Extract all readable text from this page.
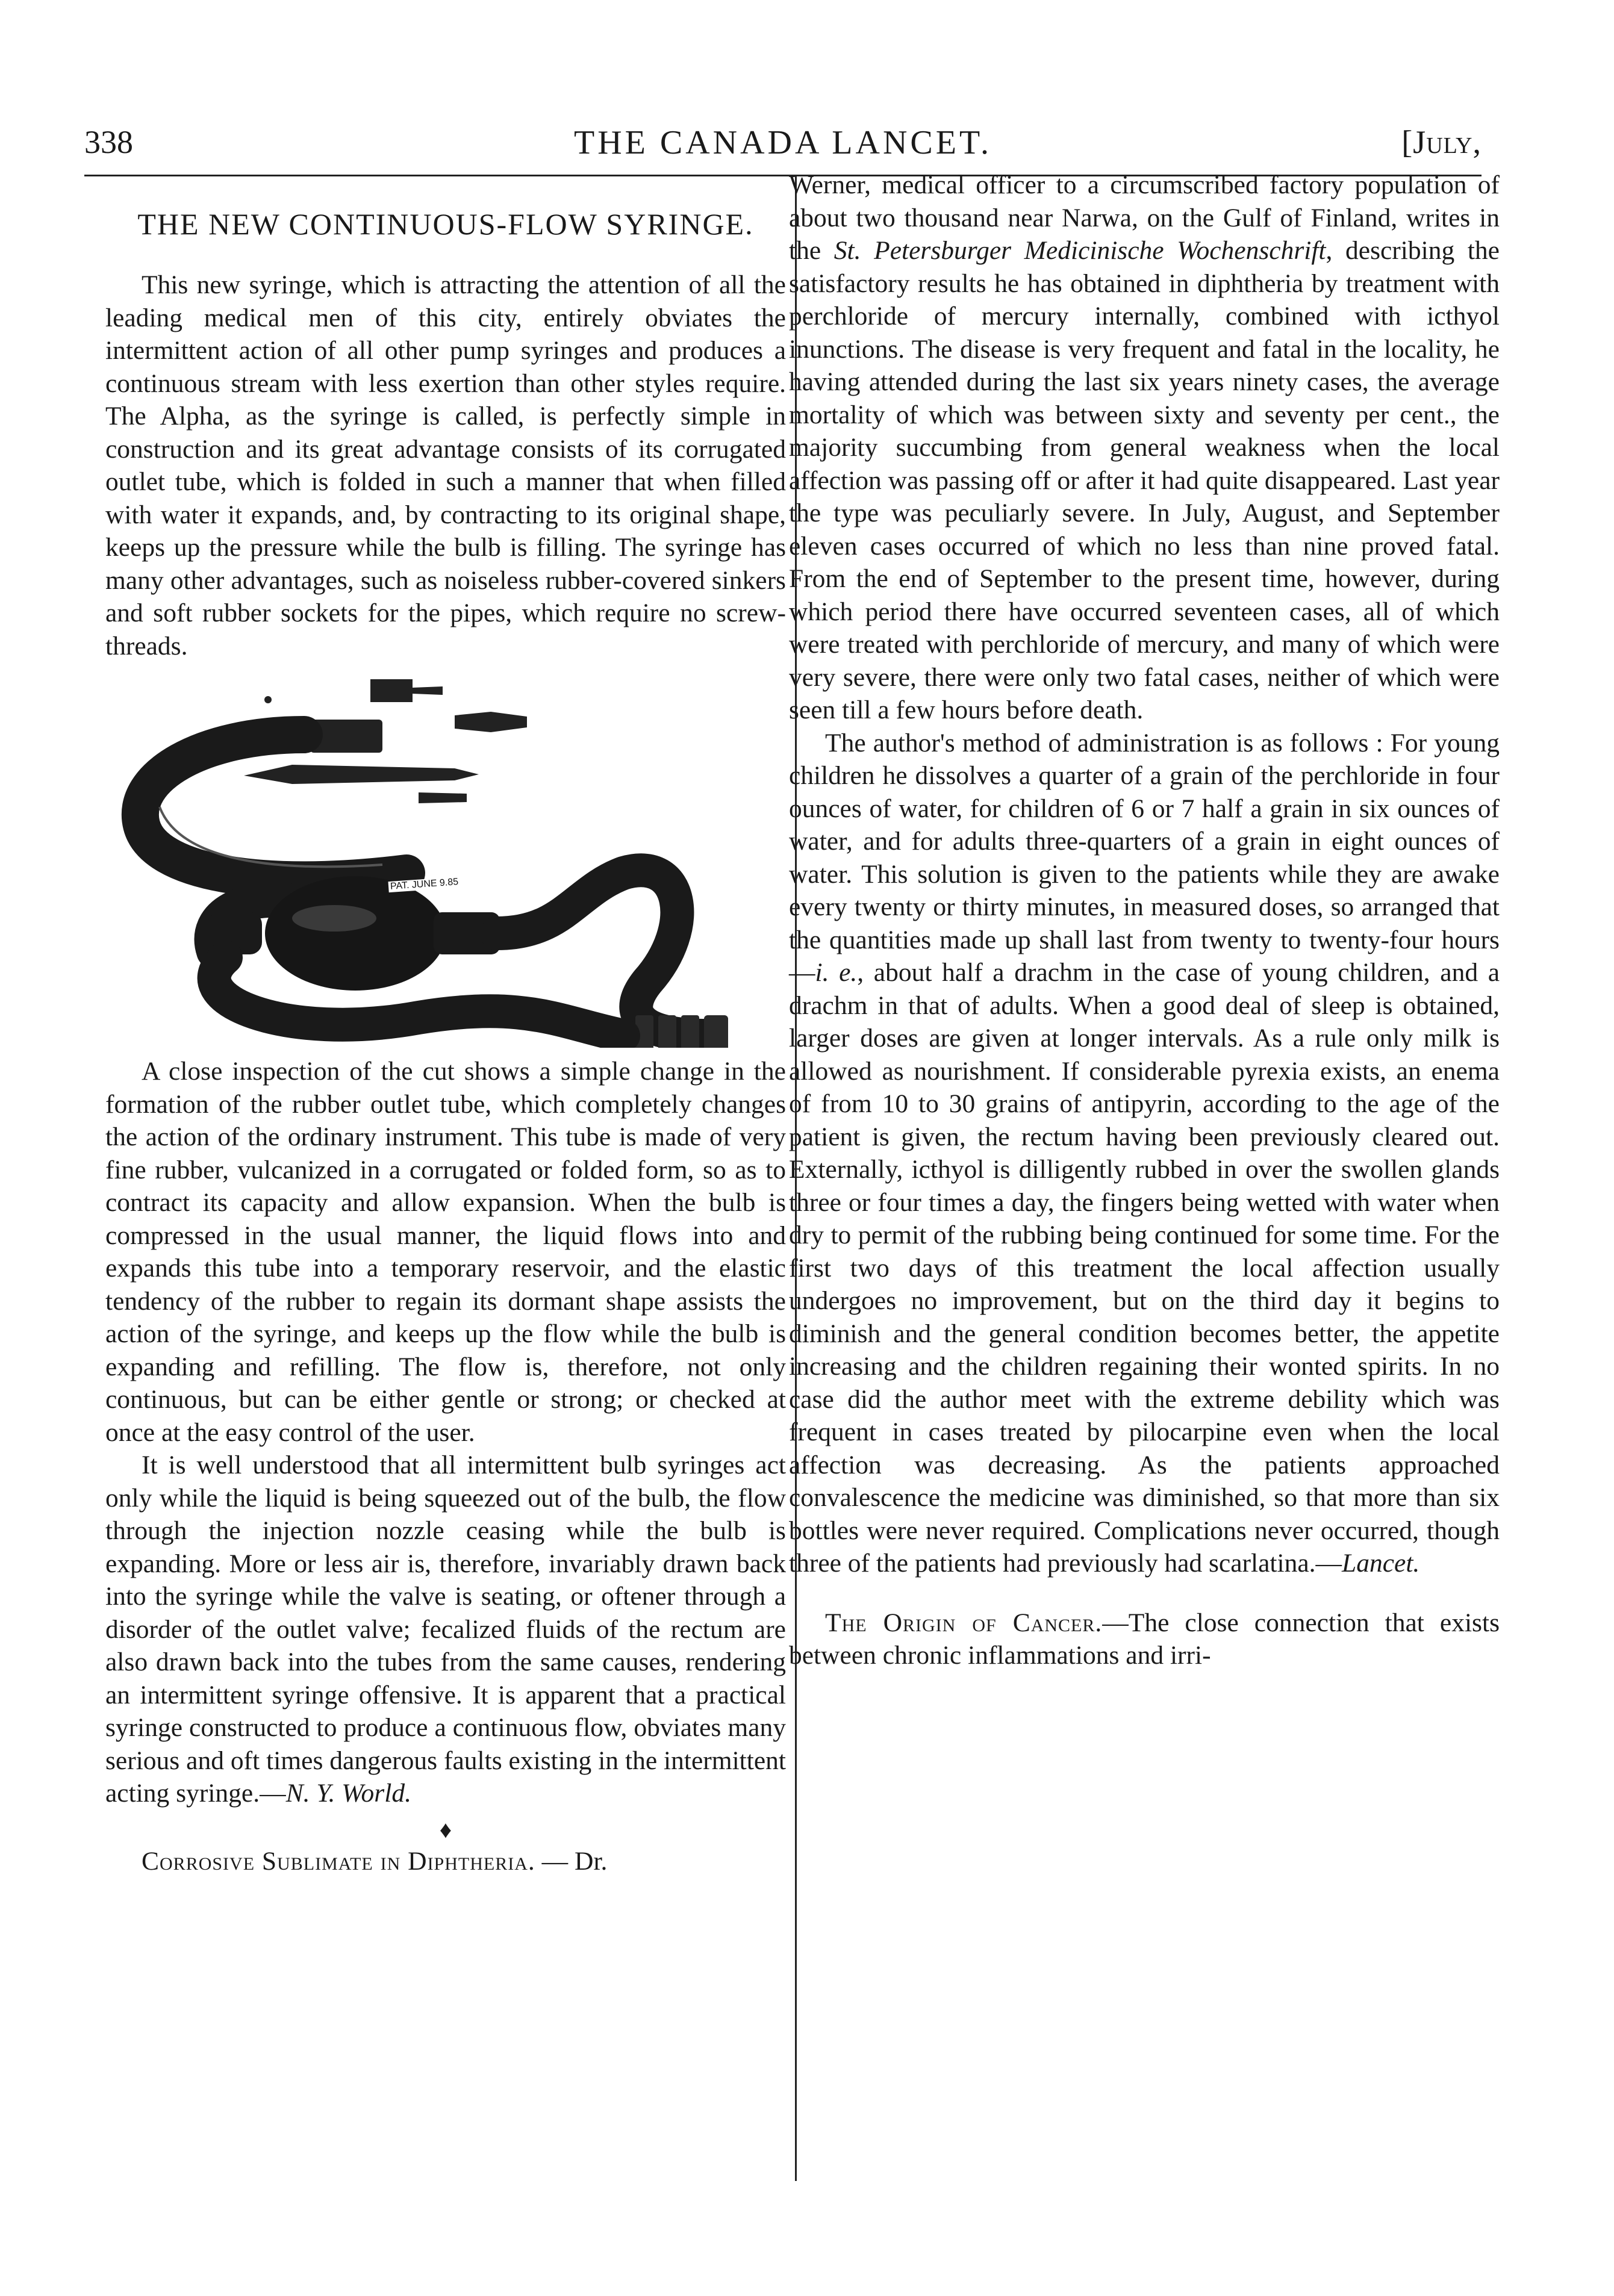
338	THE CANADA LANCET.	[July,
THE NEW CONTINUOUS-FLOW SYRINGE.

This new syringe, which is attracting the attention of all the leading medical men of this city, entirely obviates the intermittent action of all other pump syringes and produces a continuous stream with less exertion than other styles require. The Alpha, as the syringe is called, is perfectly simple in construction and its great advantage consists of its corrugated outlet tube, which is folded in such a manner that when filled with water it expands, and, by contracting to its original shape, keeps up the pressure while the bulb is filling. The syringe has many other advantages, such as noiseless rubber-covered sinkers and soft rubber sockets for the pipes, which require no screw-threads.

PAT. JUNE 9.85

A close inspection of the cut shows a simple change in the formation of the rubber outlet tube, which completely changes the action of the ordinary instrument. This tube is made of very fine rubber, vulcanized in a corrugated or folded form, so as to contract its capacity and allow expansion. When the bulb is compressed in the usual manner, the liquid flows into and expands this tube into a temporary reservoir, and the elastic tendency of the rubber to regain its dormant shape assists the action of the syringe, and keeps up the flow while the bulb is expanding and refilling. The flow is, therefore, not only continuous, but can be either gentle or strong; or checked at once at the easy control of the user.

It is well understood that all intermittent bulb syringes act only while the liquid is being squeezed out of the bulb, the flow through the injection nozzle ceasing while the bulb is expanding. More or less air is, therefore, invariably drawn back into the syringe while the valve is seating, or oftener through a disorder of the outlet valve; fecalized fluids of the rectum are also drawn back into the tubes from the same causes, rendering an intermittent syringe offensive. It is apparent that a practical syringe constructed to produce a continuous flow, obviates many serious and oft times dangerous faults existing in the intermittent acting syringe.—N. Y. World.

♦

Corrosive Sublimate in Diphtheria. — Dr.

Werner, medical officer to a circumscribed factory population of about two thousand near Narwa, on the Gulf of Finland, writes in the St. Petersburger Medicinische Wochenschrift, describing the satisfactory results he has obtained in diphtheria by treatment with perchloride of mercury internally, combined with icthyol inunctions. The disease is very frequent and fatal in the locality, he having attended during the last six years ninety cases, the average mortality of which was between sixty and seventy per cent., the majority succumbing from general weakness when the local affection was passing off or after it had quite disappeared. Last year the type was peculiarly severe. In July, August, and September eleven cases occurred of which no less than nine proved fatal. From the end of September to the present time, however, during which period there have occurred seventeen cases, all of which were treated with perchloride of mercury, and many of which were very severe, there were only two fatal cases, neither of which were seen till a few hours before death.

The author's method of administration is as follows : For young children he dissolves a quarter of a grain of the perchloride in four ounces of water, for children of 6 or 7 half a grain in six ounces of water, and for adults three-quarters of a grain in eight ounces of water. This solution is given to the patients while they are awake every twenty or thirty minutes, in measured doses, so arranged that the quantities made up shall last from twenty to twenty-four hours—i. e., about half a drachm in the case of young children, and a drachm in that of adults. When a good deal of sleep is obtained, larger doses are given at longer intervals. As a rule only milk is allowed as nourishment. If considerable pyrexia exists, an enema of from 10 to 30 grains of antipyrin, according to the age of the patient is given, the rectum having been previously cleared out. Externally, icthyol is dilligently rubbed in over the swollen glands three or four times a day, the fingers being wetted with water when dry to permit of the rubbing being continued for some time. For the first two days of this treatment the local affection usually undergoes no improvement, but on the third day it begins to diminish and the general condition becomes better, the appetite increasing and the children regaining their wonted spirits. In no case did the author meet with the extreme debility which was frequent in cases treated by pilocarpine even when the local affection was decreasing. As the patients approached convalescence the medicine was diminished, so that more than six bottles were never required. Complications never occurred, though three of the patients had previously had scarlatina.—Lancet.

The Origin of Cancer.—The close connection that exists between chronic inflammations and irri-
